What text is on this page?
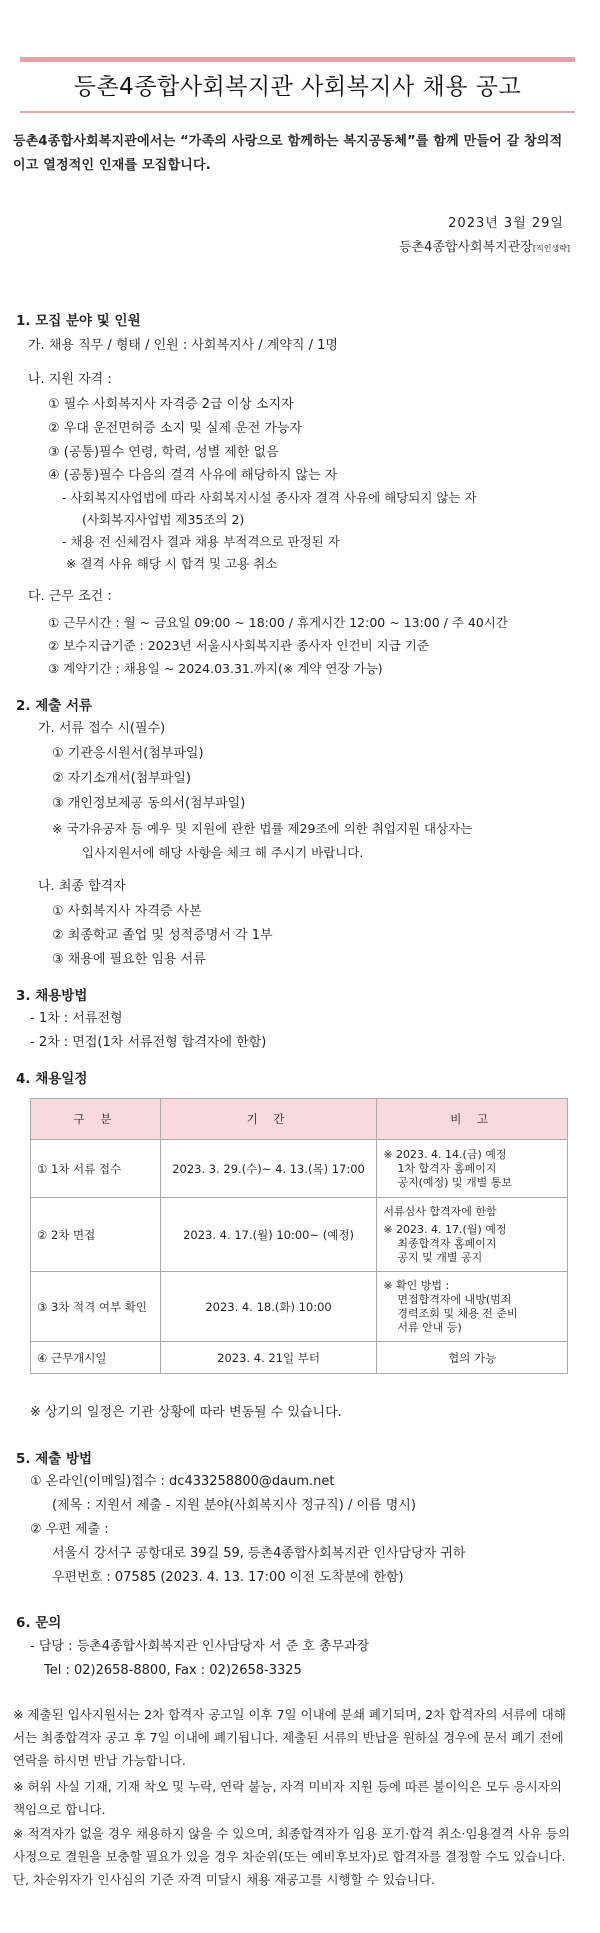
등촌4종합사회복지관 사회복지사 채용 공고
등촌4종합사회복지관에서는 “가족의 사랑으로 함께하는 복지공동체”를 함께 만들어 갈 창의적이고 열정적인 인재를 모집합니다.
2023년 3월 29일
등촌4종합사회복지관장[직인생략]
1. 모집 분야 및 인원
가. 채용 직무 / 형태 / 인원 : 사회복지사 / 계약직 / 1명
나. 지원 자격 :
① 필수 사회복지사 자격증 2급 이상 소지자
② 우대 운전면허증 소지 및 실제 운전 가능자
③ (공통)필수 연령, 학력, 성별 제한 없음
④ (공통)필수 다음의 결격 사유에 해당하지 않는 자
- 사회복지사업법에 따라 사회복지시설 종사자 결격 사유에 해당되지 않는 자
(사회복지사업법 제35조의 2)
- 채용 전 신체검사 결과 채용 부적격으로 판정된 자
※ 결격 사유 해당 시 합격 및 고용 취소
다. 근무 조건 :
① 근무시간 : 월 ~ 금요일 09:00 ~ 18:00 / 휴게시간 12:00 ~ 13:00 / 주 40시간
② 보수지급기준 : 2023년 서울시사회복지관 종사자 인건비 지급 기준
③ 계약기간 : 채용일 ~ 2024.03.31.까지(※ 계약 연장 가능)
2. 제출 서류
가. 서류 접수 시(필수)
① 기관응시원서(첨부파일)
② 자기소개서(첨부파일)
③ 개인정보제공 동의서(첨부파일)
※ 국가유공자 등 예우 및 지원에 관한 법률 제29조에 의한 취업지원 대상자는
입사지원서에 해당 사항을 체크 해 주시기 바랍니다.
나. 최종 합격자
① 사회복지사 자격증 사본
② 최종학교 졸업 및 성적증명서 각 1부
③ 채용에 필요한 임용 서류
3. 채용방법
- 1차 : 서류전형
- 2차 : 면접(1차 서류전형 합격자에 한함)
4. 채용일정
구 분	기 간	비 고
① 1차 서류 접수	2023. 3. 29.(수)~ 4. 13.(목) 17:00	※ 2023. 4. 14.(금) 예정
1차 합격자 홈페이지
공지(예정) 및 개별 통보

② 2차 면접	2023. 4. 17.(월) 10:00~ (예정)	서류심사 합격자에 한함
※ 2023. 4. 17.(월) 예정
최종합격자 홈페이지
공지 및 개별 공지

③ 3차 적격 여부 확인	2023. 4. 18.(화) 10:00	※ 확인 방법 :
면접합격자에 내방(범죄
경력조회 및 채용 전 준비
서류 안내 등)

④ 근무개시일	2023. 4. 21일 부터	협의 가능
※ 상기의 일정은 기관 상황에 따라 변동될 수 있습니다.
5. 제출 방법
① 온라인(이메일)접수 : dc433258800@daum.net
(제목 : 지원서 제출 - 지원 분야(사회복지사 정규직) / 이름 명시)
② 우편 제출 :
서울시 강서구 공항대로 39길 59, 등촌4종합사회복지관 인사담당자 귀하
우편번호 : 07585 (2023. 4. 13. 17:00 이전 도착분에 한함)
6. 문의
- 담당 : 등촌4종합사회복지관 인사담당자 서 준 호 총무과장
Tel : 02)2658-8800, Fax : 02)2658-3325
※ 제출된 입사지원서는 2차 합격자 공고일 이후 7일 이내에 분쇄 폐기되며, 2차 합격자의 서류에 대해서는 최종합격자 공고 후 7일 이내에 폐기됩니다. 제출된 서류의 반납을 원하실 경우에 문서 폐기 전에 연락을 하시면 반납 가능합니다.
※ 허위 사실 기재, 기재 착오 및 누락, 연락 불능, 자격 미비자 지원 등에 따른 불이익은 모두 응시자의 책임으로 합니다.
※ 적격자가 없을 경우 채용하지 않을 수 있으며, 최종합격자가 임용 포기·합격 취소·임용결격 사유 등의 사정으로 결원을 보충할 필요가 있을 경우 차순위(또는 예비후보자)로 합격자를 결정할 수도 있습니다. 단, 차순위자가 인사심의 기준 자격 미달시 채용 재공고를 시행할 수 있습니다.
